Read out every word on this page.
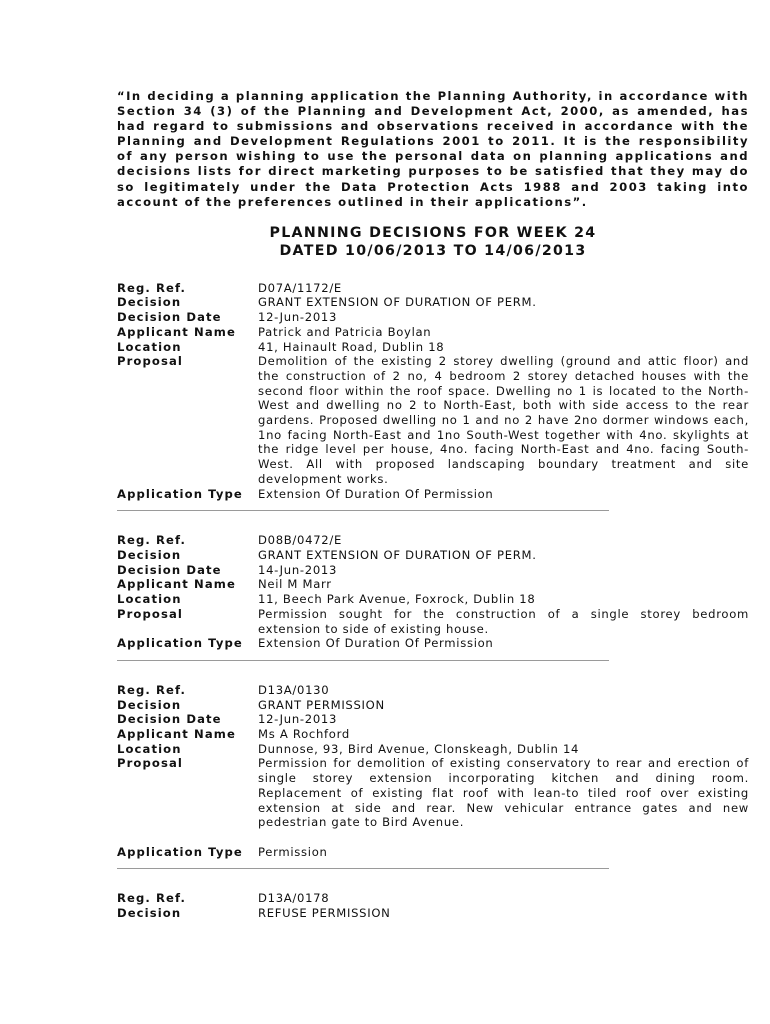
“In deciding a planning application the Planning Authority, in accordance with Section 34 (3) of the Planning and Development Act, 2000, as amended, has had regard to submissions and observations received in accordance with the Planning and Development Regulations 2001 to 2011. It is the responsibility of any person wishing to use the personal data on planning applications and decisions lists for direct marketing purposes to be satisfied that they may do so legitimately under the Data Protection Acts 1988 and 2003 taking into account of the preferences outlined in their applications”.

PLANNING DECISIONS FOR WEEK 24
DATED 10/06/2013 TO 14/06/2013
Reg. Ref.	D07A/1172/E
Decision	GRANT EXTENSION OF DURATION OF PERM.
Decision Date	12-Jun-2013
Applicant Name	Patrick and Patricia Boylan
Location	41, Hainault Road, Dublin 18
Proposal	Demolition of the existing 2 storey dwelling (ground and attic floor) and the construction of 2 no, 4 bedroom 2 storey detached houses with the second floor within the roof space. Dwelling no 1 is located to the North-West and dwelling no 2 to North-East, both with side access to the rear gardens. Proposed dwelling no 1 and no 2 have 2no dormer windows each, 1no facing North-East and 1no South-West together with 4no. skylights at the ridge level per house, 4no. facing North-East and 4no. facing South-West. All with proposed landscaping boundary treatment and site development works.
Application Type	Extension Of Duration Of Permission
Reg. Ref.	D08B/0472/E
Decision	GRANT EXTENSION OF DURATION OF PERM.
Decision Date	14-Jun-2013
Applicant Name	Neil M Marr
Location	11, Beech Park Avenue, Foxrock, Dublin 18
Proposal	Permission sought for the construction of a single storey bedroom extension to side of existing house.
Application Type	Extension Of Duration Of Permission
Reg. Ref.	D13A/0130
Decision	GRANT PERMISSION
Decision Date	12-Jun-2013
Applicant Name	Ms A Rochford
Location	Dunnose, 93, Bird Avenue, Clonskeagh, Dublin 14
Proposal	Permission for demolition of existing conservatory to rear and erection of single storey extension incorporating kitchen and dining room. Replacement of existing flat roof with lean-to tiled roof over existing extension at side and rear. New vehicular entrance gates and new pedestrian gate to Bird Avenue.
Application Type	Permission
Reg. Ref.	D13A/0178
Decision	REFUSE PERMISSION
